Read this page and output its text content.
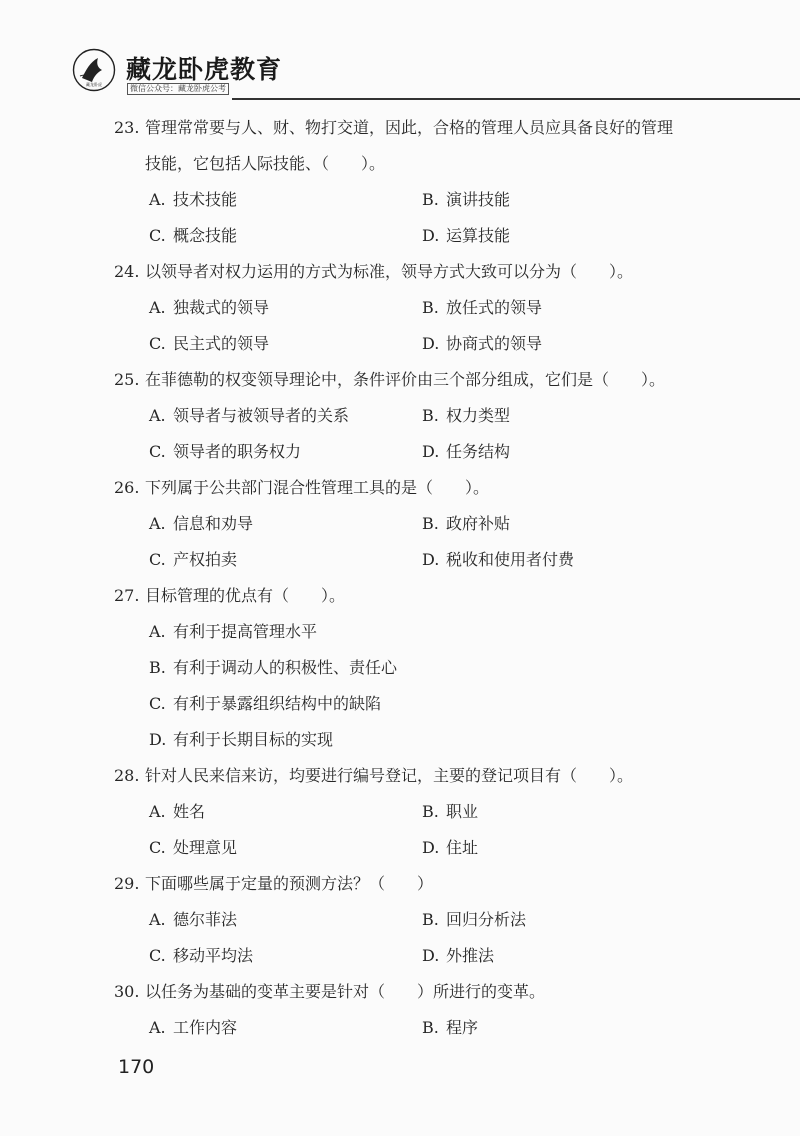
藏龙卧虎
藏龙卧虎教育
微信公众号：藏龙卧虎公考
23. 管理常常要与人、财、物打交道，因此，合格的管理人员应具备良好的管理
技能，它包括人际技能、（　　）。
A. 技术技能	B. 演讲技能
C. 概念技能	D. 运算技能
24. 以领导者对权力运用的方式为标准，领导方式大致可以分为（　　）。
A. 独裁式的领导	B. 放任式的领导
C. 民主式的领导	D. 协商式的领导
25. 在菲德勒的权变领导理论中，条件评价由三个部分组成，它们是（　　）。
A. 领导者与被领导者的关系	B. 权力类型
C. 领导者的职务权力	D. 任务结构
26. 下列属于公共部门混合性管理工具的是（　　）。
A. 信息和劝导	B. 政府补贴
C. 产权拍卖	D. 税收和使用者付费
27. 目标管理的优点有（　　）。
A. 有利于提高管理水平
B. 有利于调动人的积极性、责任心
C. 有利于暴露组织结构中的缺陷
D. 有利于长期目标的实现
28. 针对人民来信来访，均要进行编号登记，主要的登记项目有（　　）。
A. 姓名	B. 职业
C. 处理意见	D. 住址
29. 下面哪些属于定量的预测方法？（　　）
A. 德尔菲法	B. 回归分析法
C. 移动平均法	D. 外推法
30. 以任务为基础的变革主要是针对（　　）所进行的变革。
A. 工作内容	B. 程序
170
